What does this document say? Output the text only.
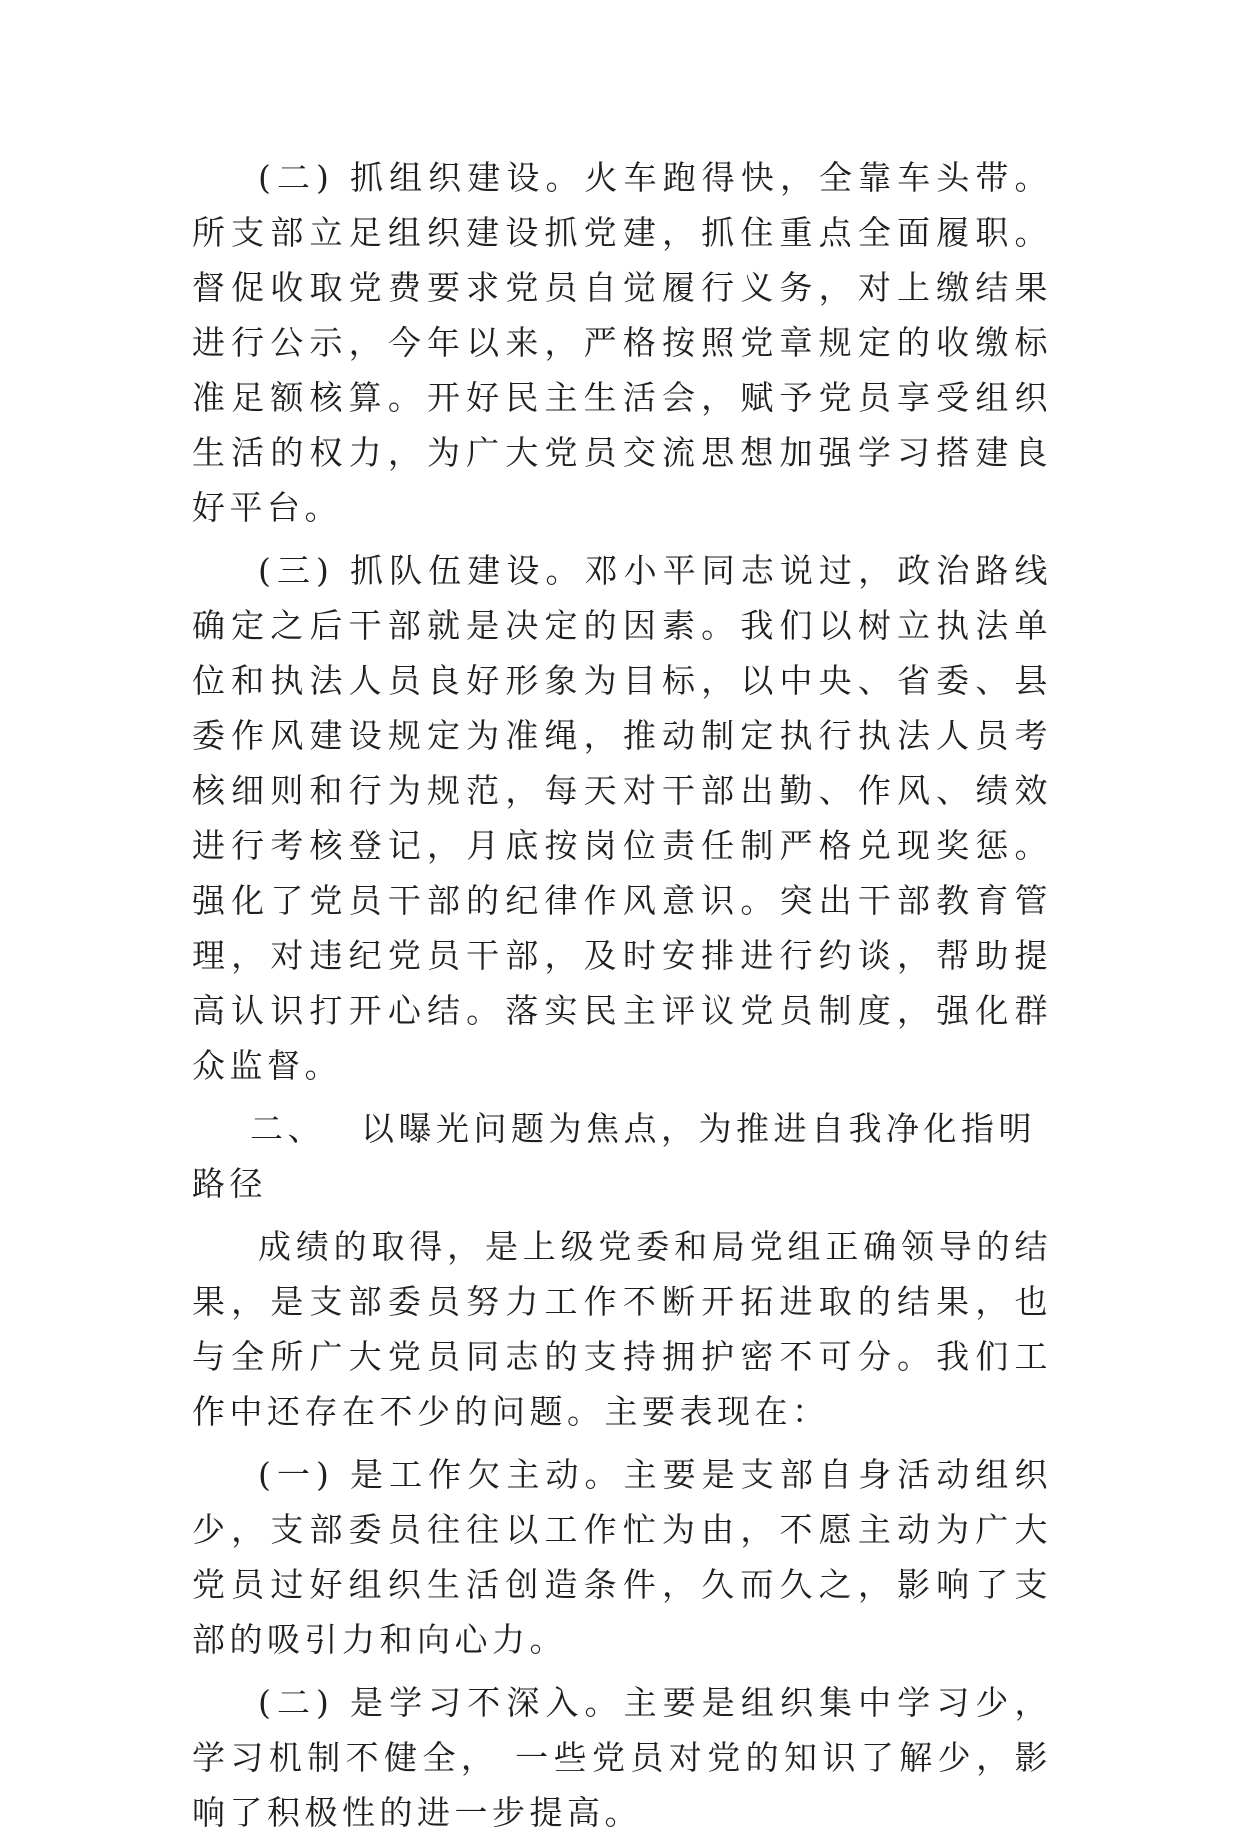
(二) 抓组织建设。火车跑得快，全靠车头带。所支部立足组织建设抓党建，抓住重点全面履职。督促收取党费要求党员自觉履行义务，对上缴结果进行公示，今年以来，严格按照党章规定的收缴标准足额核算。开好民主生活会，赋予党员享受组织生活的权力，为广大党员交流思想加强学习搭建良好平台。

(三) 抓队伍建设。邓小平同志说过，政治路线确定之后干部就是决定的因素。我们以树立执法单位和执法人员良好形象为目标，以中央、省委、县委作风建设规定为准绳，推动制定执行执法人员考核细则和行为规范，每天对干部出勤、作风、绩效进行考核登记，月底按岗位责任制严格兑现奖惩。强化了党员干部的纪律作风意识。突出干部教育管理，对违纪党员干部，及时安排进行约谈，帮助提高认识打开心结。落实民主评议党员制度，强化群众监督。

二、 以曝光问题为焦点，为推进自我净化指明路径

成绩的取得，是上级党委和局党组正确领导的结果，是支部委员努力工作不断开拓进取的结果，也与全所广大党员同志的支持拥护密不可分。我们工作中还存在不少的问题。主要表现在：

(一) 是工作欠主动。主要是支部自身活动组织少，支部委员往往以工作忙为由，不愿主动为广大党员过好组织生活创造条件，久而久之，影响了支部的吸引力和向心力。

(二) 是学习不深入。主要是组织集中学习少，学习机制不健全， 一些党员对党的知识了解少，影响了积极性的进一步提高。
